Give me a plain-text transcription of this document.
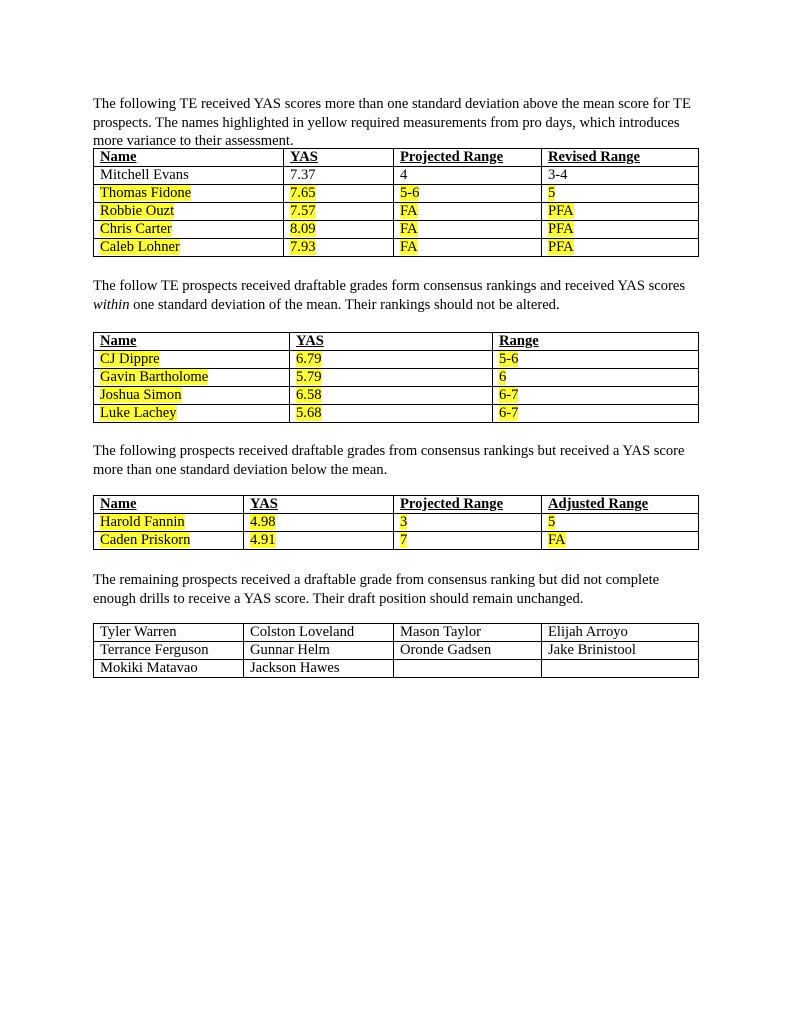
The following TE received YAS scores more than one standard deviation above the mean score for TE prospects. The names highlighted in yellow required measurements from pro days, which introduces more variance to their assessment.

Name	YAS	Projected Range	Revised Range
Mitchell Evans	7.37	4	3-4
Thomas Fidone	7.65	5-6	5
Robbie Ouzt	7.57	FA	PFA
Chris Carter	8.09	FA	PFA
Caleb Lohner	7.93	FA	PFA

The follow TE prospects received draftable grades form consensus rankings and received YAS scores within one standard deviation of the mean. Their rankings should not be altered.

Name	YAS	Range
CJ Dippre	6.79	5-6
Gavin Bartholome	5.79	6
Joshua Simon	6.58	6-7
Luke Lachey	5.68	6-7

The following prospects received draftable grades from consensus rankings but received a YAS score more than one standard deviation below the mean.

Name	YAS	Projected Range	Adjusted Range
Harold Fannin	4.98	3	5
Caden Priskorn	4.91	7	FA

The remaining prospects received a draftable grade from consensus ranking but did not complete enough drills to receive a YAS score. Their draft position should remain unchanged.

Tyler Warren	Colston Loveland	Mason Taylor	Elijah Arroyo
Terrance Ferguson	Gunnar Helm	Oronde Gadsen	Jake Brinistool
Mokiki Matavao	Jackson Hawes		
